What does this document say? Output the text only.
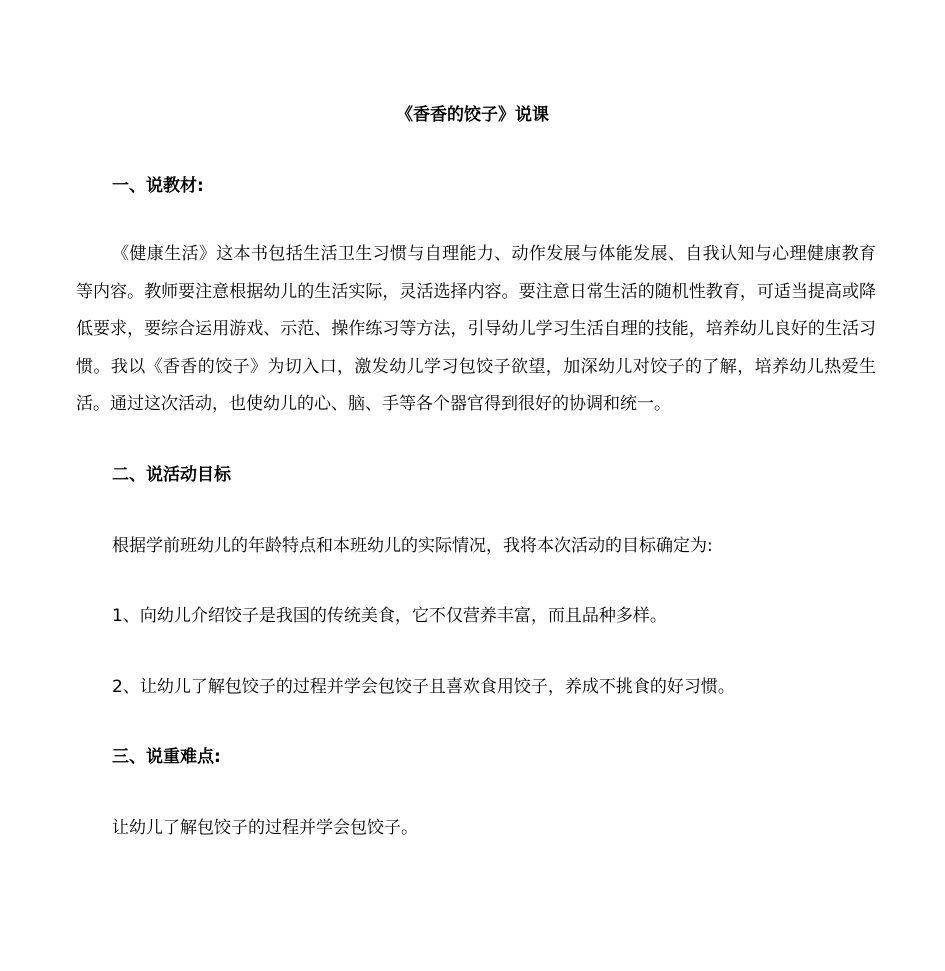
《香香的饺子》说课
一、说教材:
《健康生活》这本书包括生活卫生习惯与自理能力、动作发展与体能发展、自我认知与心理健康教育等内容。教师要注意根据幼儿的生活实际，灵活选择内容。要注意日常生活的随机性教育，可适当提高或降低要求，要综合运用游戏、示范、操作练习等方法，引导幼儿学习生活自理的技能，培养幼儿良好的生活习惯。我以《香香的饺子》为切入口，激发幼儿学习包饺子欲望，加深幼儿对饺子的了解，培养幼儿热爱生活。通过这次活动，也使幼儿的心、脑、手等各个器官得到很好的协调和统一。
二、说活动目标
根据学前班幼儿的年龄特点和本班幼儿的实际情况，我将本次活动的目标确定为:
1、向幼儿介绍饺子是我国的传统美食，它不仅营养丰富，而且品种多样。
2、让幼儿了解包饺子的过程并学会包饺子且喜欢食用饺子，养成不挑食的好习惯。
三、说重难点:
让幼儿了解包饺子的过程并学会包饺子。
